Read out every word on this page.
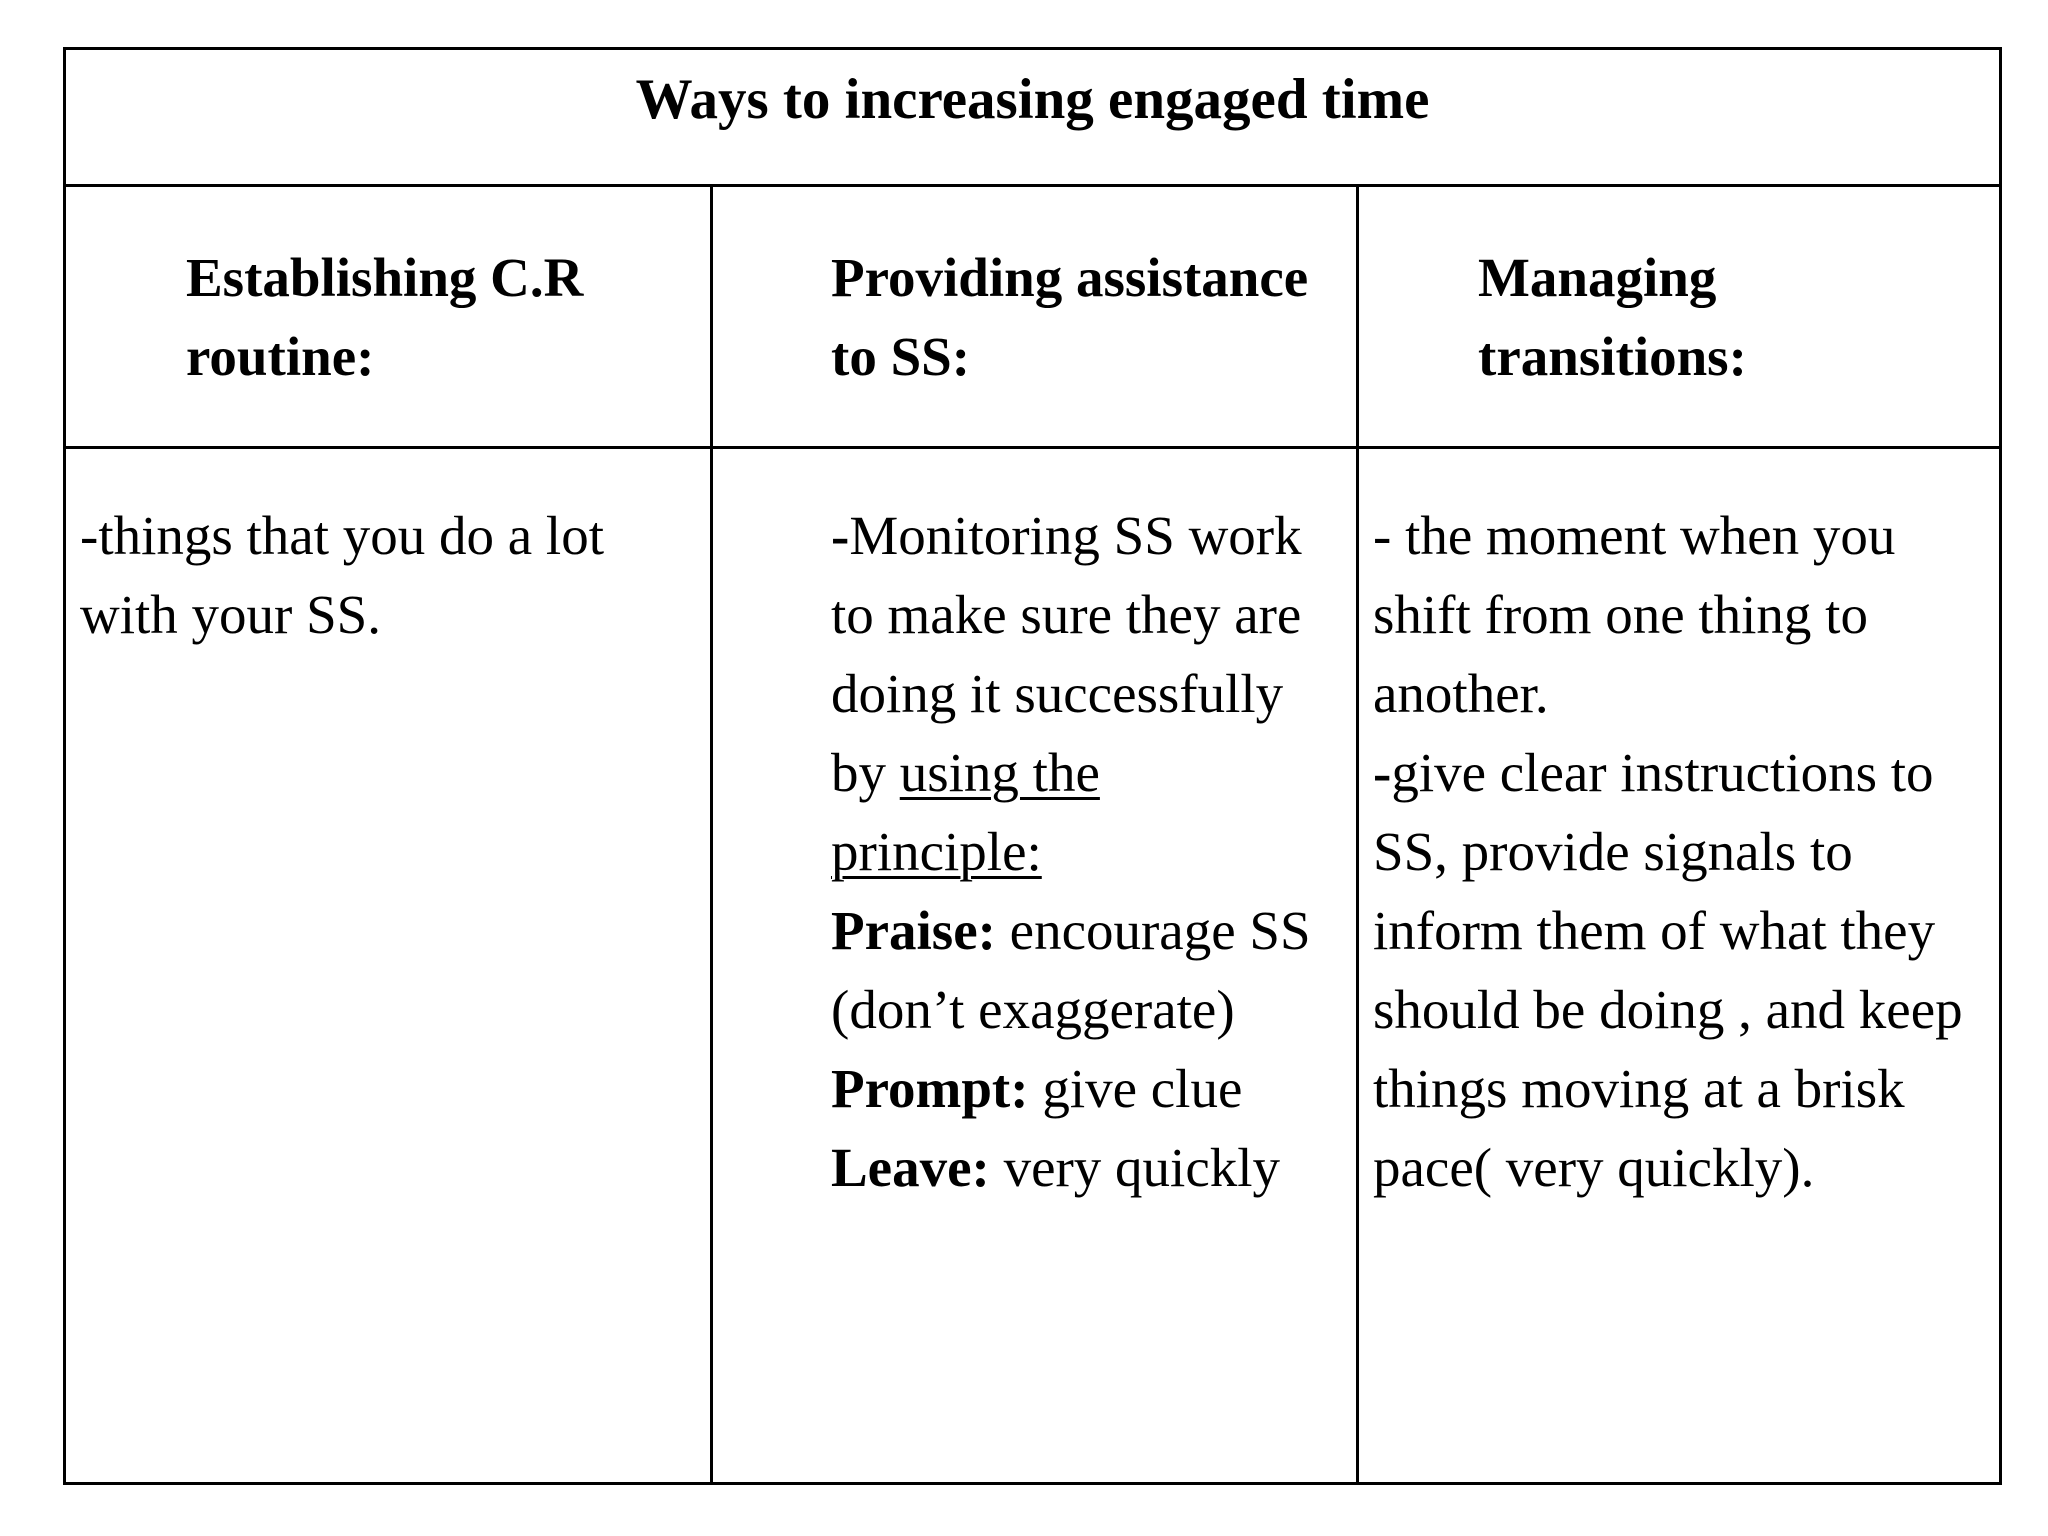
Ways to increasing engaged time
Establishing C.R
routine:
Providing assistance
to SS:
Managing
transitions:
-things that you do a lot
with your SS.
-Monitoring SS work
to make sure they are
doing it successfully
by using the
principle:
Praise: encourage SS
(don’t exaggerate)
Prompt: give clue
Leave: very quickly
- the moment when you
shift from one thing to
another.
-give clear instructions to
SS, provide signals to
inform them of what they
should be doing , and keep
things moving at a brisk
pace( very quickly).
